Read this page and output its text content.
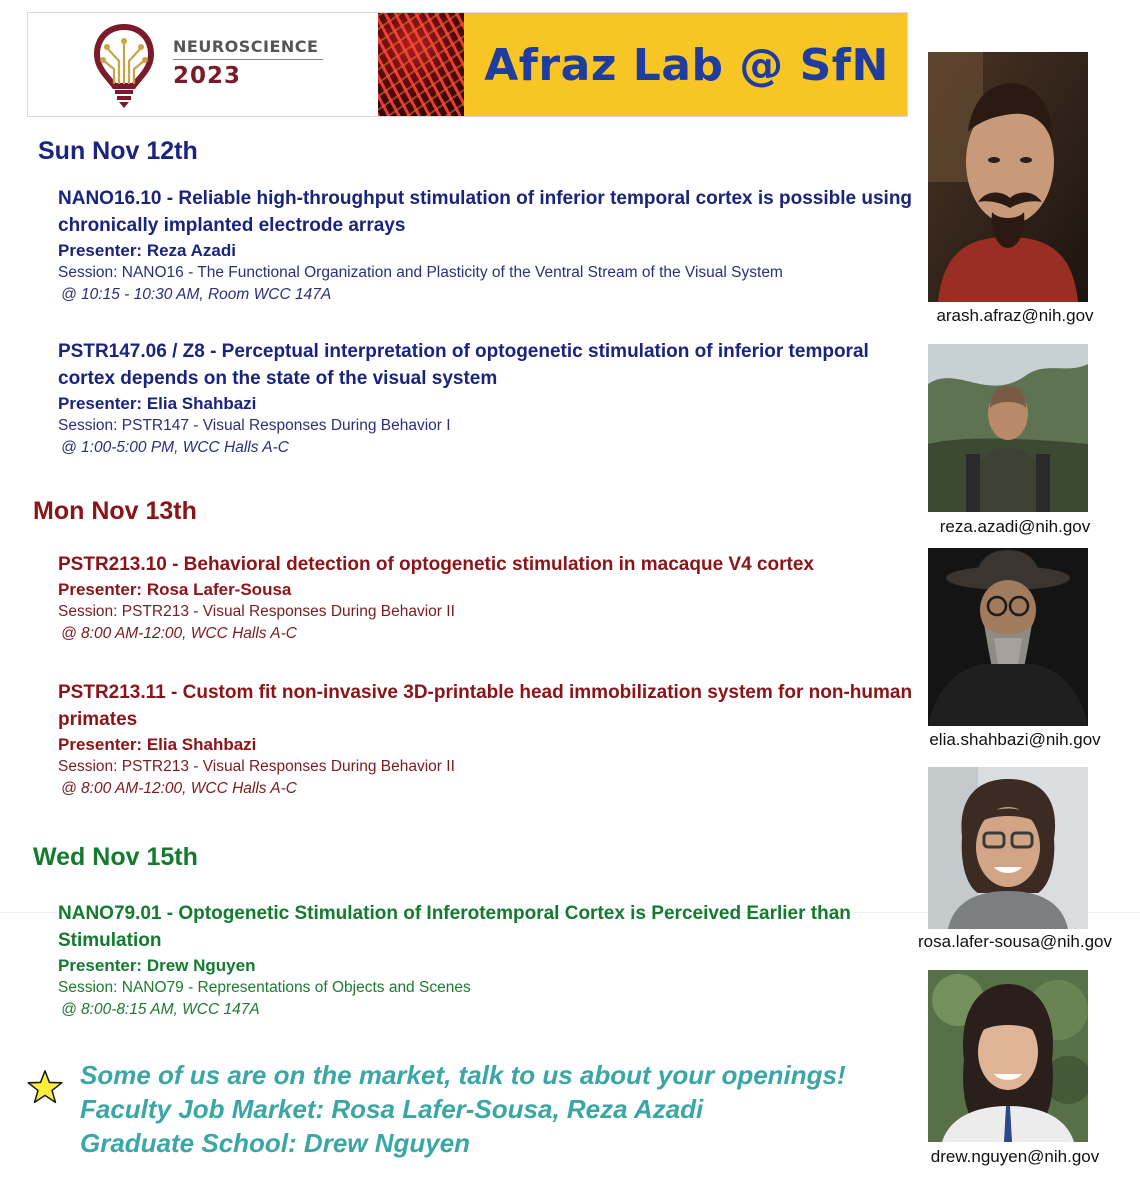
NEUROSCIENCE
2023	Afraz Lab @ SfN
Sun Nov 12th
NANO16.10 - Reliable high-throughput stimulation of inferior temporal cortex is possible using chronically implanted electrode arrays
Presenter: Reza Azadi
Session: NANO16 - The Functional Organization and Plasticity of the Ventral Stream of the Visual System
@ 10:15 - 10:30 AM, Room WCC 147A
PSTR147.06 / Z8 - Perceptual interpretation of optogenetic stimulation of inferior temporal cortex depends on the state of the visual system
Presenter: Elia Shahbazi
Session: PSTR147 - Visual Responses During Behavior I
@ 1:00-5:00 PM, WCC Halls A-C
Mon Nov 13th
PSTR213.10 - Behavioral detection of optogenetic stimulation in macaque V4 cortex
Presenter: Rosa Lafer-Sousa
Session: PSTR213 - Visual Responses During Behavior II
@ 8:00 AM-12:00, WCC Halls A-C
PSTR213.11 - Custom fit non-invasive 3D-printable head immobilization system for non-human primates
Presenter: Elia Shahbazi
Session: PSTR213 - Visual Responses During Behavior II
@ 8:00 AM-12:00, WCC Halls A-C
Wed Nov 15th
NANO79.01 - Optogenetic Stimulation of Inferotemporal Cortex is Perceived Earlier than Stimulation
Presenter: Drew Nguyen
Session: NANO79 - Representations of Objects and Scenes
@ 8:00-8:15 AM, WCC 147A
Some of us are on the market, talk to us about your openings!
Faculty Job Market: Rosa Lafer-Sousa, Reza Azadi
Graduate School: Drew Nguyen
arash.afraz@nih.gov
reza.azadi@nih.gov
elia.shahbazi@nih.gov
rosa.lafer-sousa@nih.gov
drew.nguyen@nih.gov
